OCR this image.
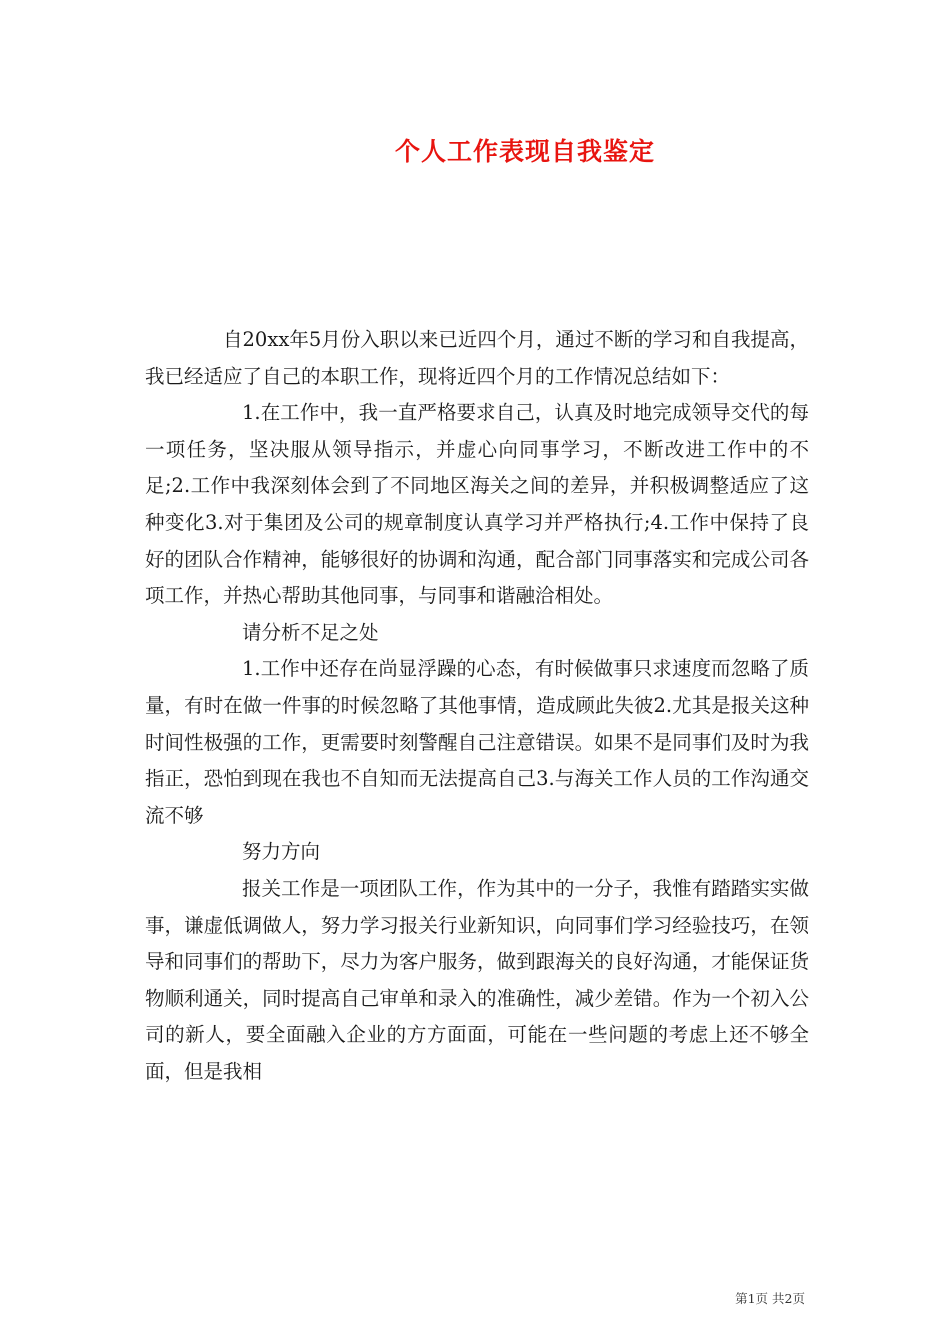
个人工作表现自我鉴定

自20xx年5月份入职以来已近四个月，通过不断的学习和自我提高，我已经适应了自己的本职工作，现将近四个月的工作情况总结如下：

1.在工作中，我一直严格要求自己，认真及时地完成领导交代的每一项任务，坚决服从领导指示，并虚心向同事学习，不断改进工作中的不足;2.工作中我深刻体会到了不同地区海关之间的差异，并积极调整适应了这种变化3.对于集团及公司的规章制度认真学习并严格执行;4.工作中保持了良好的团队合作精神，能够很好的协调和沟通，配合部门同事落实和完成公司各项工作，并热心帮助其他同事，与同事和谐融洽相处。

请分析不足之处

1.工作中还存在尚显浮躁的心态，有时候做事只求速度而忽略了质量，有时在做一件事的时候忽略了其他事情，造成顾此失彼2.尤其是报关这种时间性极强的工作，更需要时刻警醒自己注意错误。如果不是同事们及时为我指正，恐怕到现在我也不自知而无法提高自己3.与海关工作人员的工作沟通交流不够

努力方向

报关工作是一项团队工作，作为其中的一分子，我惟有踏踏实实做事，谦虚低调做人，努力学习报关行业新知识，向同事们学习经验技巧，在领导和同事们的帮助下，尽力为客户服务，做到跟海关的良好沟通，才能保证货物顺利通关，同时提高自己审单和录入的准确性，减少差错。作为一个初入公司的新人，要全面融入企业的方方面面，可能在一些问题的考虑上还不够全面，但是我相

第1页 共2页
